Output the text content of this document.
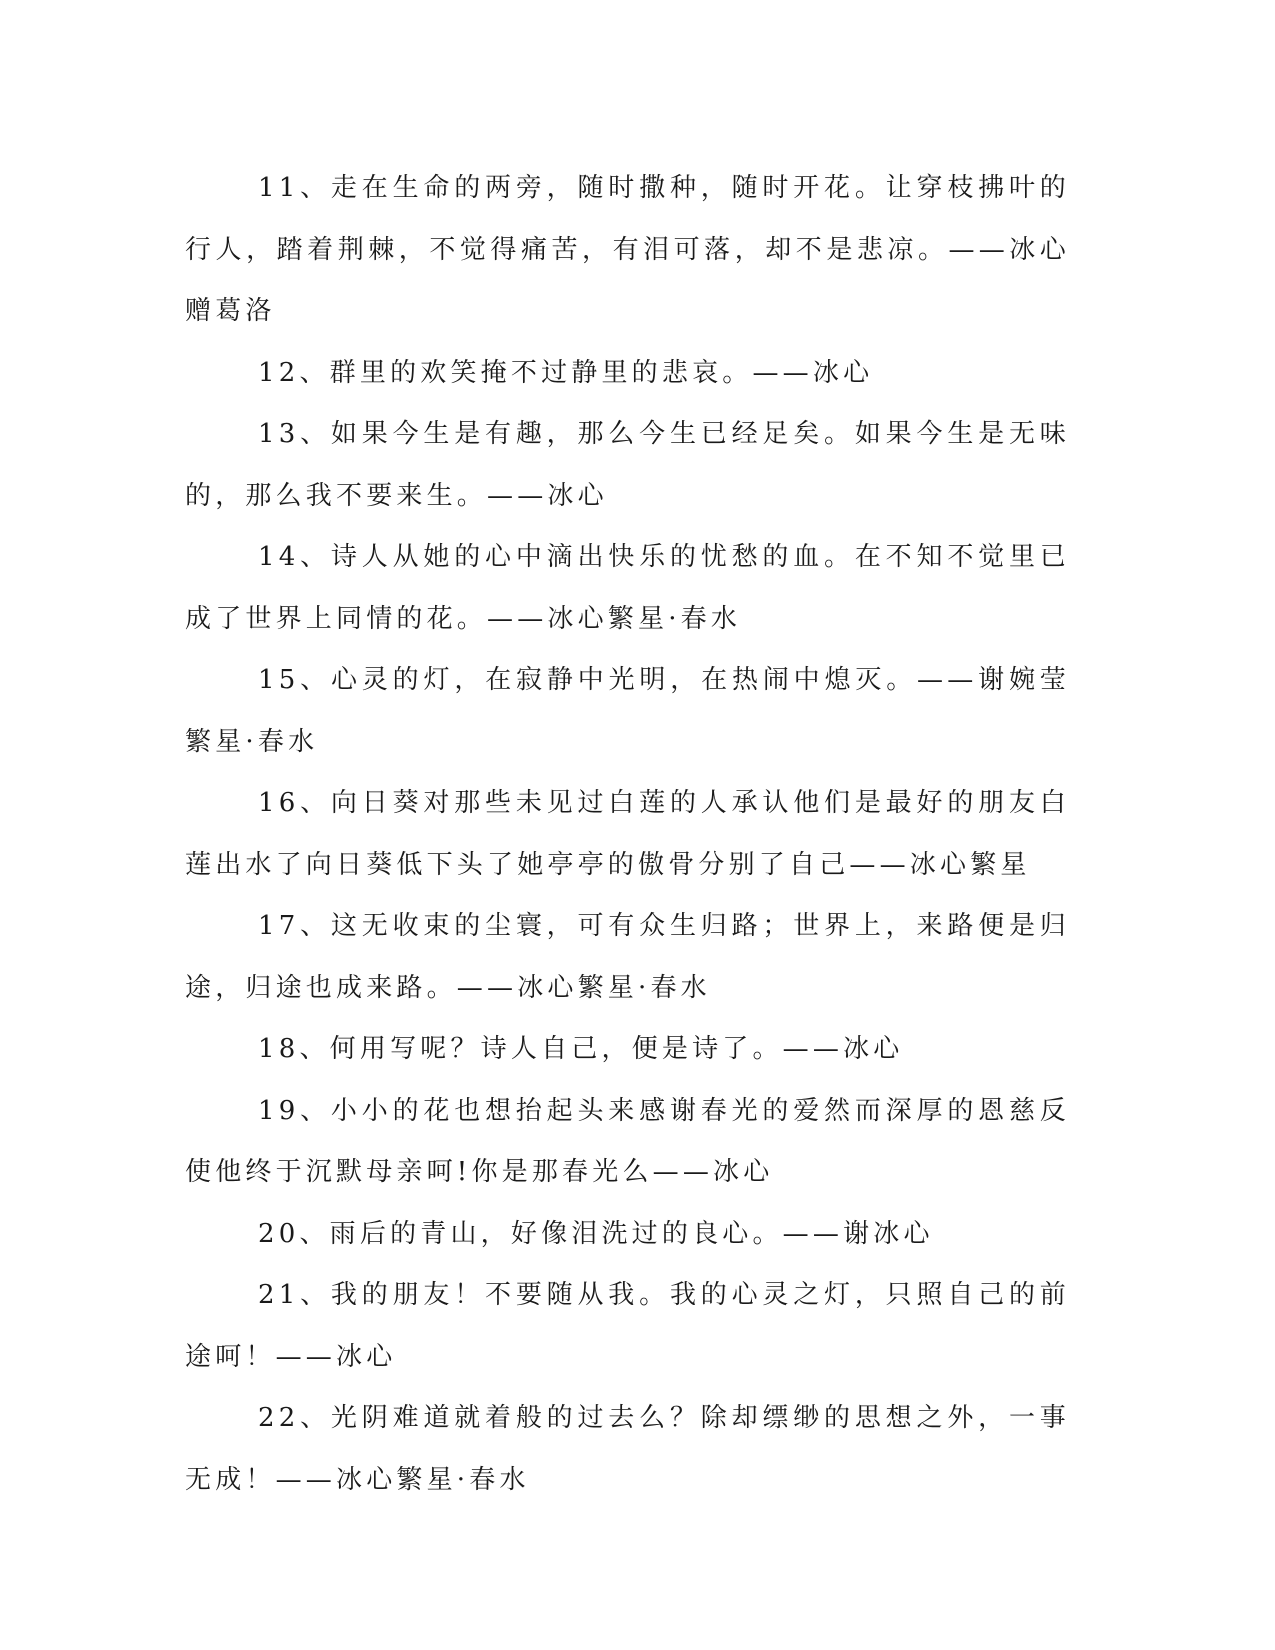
11、走在生命的两旁，随时撒种，随时开花。让穿枝拂叶的行人，踏着荆棘，不觉得痛苦，有泪可落，却不是悲凉。——冰心赠葛洛

12、群里的欢笑掩不过静里的悲哀。——冰心

13、如果今生是有趣，那么今生已经足矣。如果今生是无味的，那么我不要来生。——冰心

14、诗人从她的心中滴出快乐的忧愁的血。在不知不觉里已成了世界上同情的花。——冰心繁星·春水

15、心灵的灯，在寂静中光明，在热闹中熄灭。——谢婉莹繁星·春水

16、向日葵对那些未见过白莲的人承认他们是最好的朋友白莲出水了向日葵低下头了她亭亭的傲骨分别了自己——冰心繁星

17、这无收束的尘寰，可有众生归路；世界上，来路便是归途，归途也成来路。——冰心繁星·春水

18、何用写呢？诗人自己，便是诗了。——冰心

19、小小的花也想抬起头来感谢春光的爱然而深厚的恩慈反使他终于沉默母亲呵!你是那春光么——冰心

20、雨后的青山，好像泪洗过的良心。——谢冰心

21、我的朋友！不要随从我。我的心灵之灯，只照自己的前途呵！——冰心

22、光阴难道就着般的过去么？除却缥缈的思想之外，一事无成！——冰心繁星·春水
